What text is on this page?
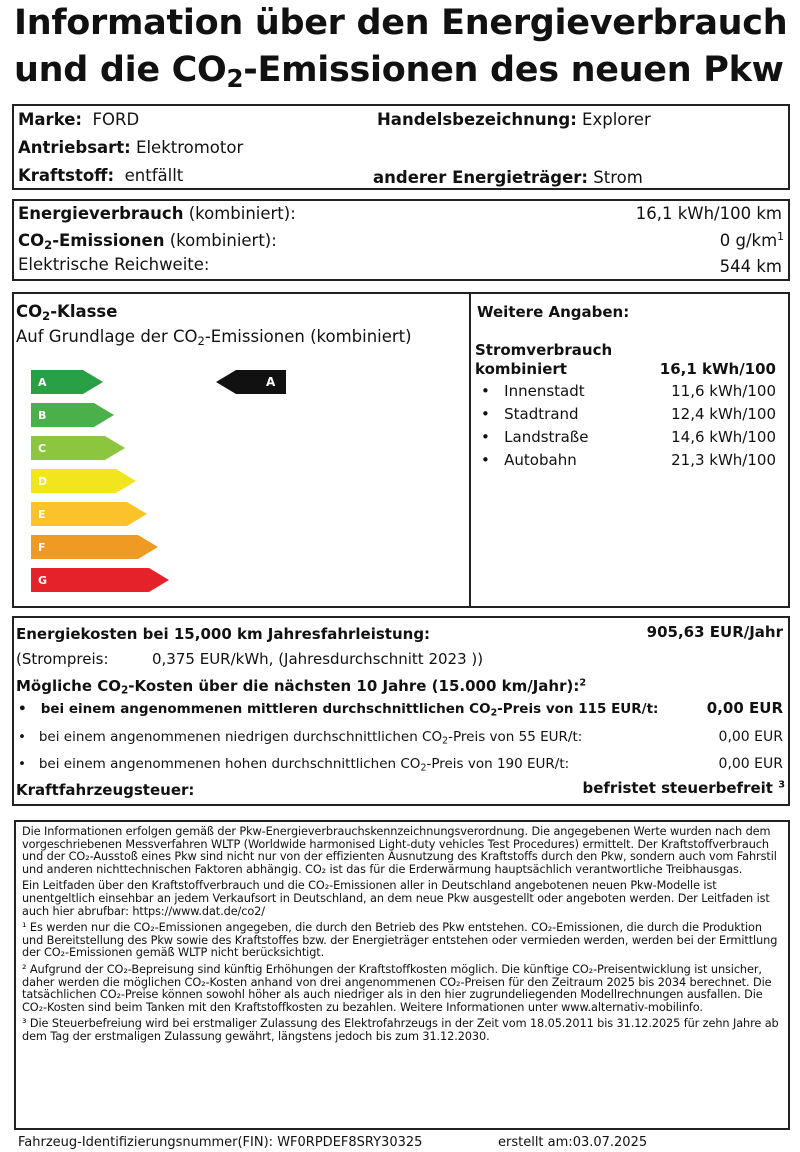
Information über den Energieverbrauch
und die $CO_2$-Emissionen des neuen Pkw
Marke: FORD	Handelsbezeichnung: Explorer
Antriebsart: Elektromotor
Kraftstoff: entfällt	anderer Energieträger: Strom
Energieverbrauch (kombiniert):	16,1 kWh/100 km
$CO_2$-Emissionen (kombiniert):	0 $g/km^1$
Elektrische Reichweite:	544 km
$CO_2$-Klasse
Auf Grundlage der $CO_2$-Emissionen (kombiniert)
A
B
C
D
E
F
G
A
Weitere Angaben:
Stromverbrauch
kombiniert	16,1 kWh/100
•   Innenstadt	11,6 kWh/100
•   Stadtrand	12,4 kWh/100
•   Landstraße	14,6 kWh/100
•   Autobahn	21,3 kWh/100
Energiekosten bei 15,000 km Jahresfahrleistung:	905,63 EUR/Jahr
(Strompreis:	0,375 EUR/kWh, (Jahresdurchschnitt 2023 ))
Mögliche $CO_2$-Kosten über die nächsten 10 Jahre (15.000 km/Jahr):$^2$
•   bei einem angenommenen mittleren durchschnittlichen $CO_2$-Preis von 115 EUR/t:	0,00 EUR
•   bei einem angenommenen niedrigen durchschnittlichen $CO_2$-Preis von 55 EUR/t:	0,00 EUR
•   bei einem angenommenen hohen durchschnittlichen $CO_2$-Preis von 190 EUR/t:	0,00 EUR
Kraftfahrzeugsteuer:	befristet steuerbefreit $^3$

Die Informationen erfolgen gemäß der Pkw-Energieverbrauchskennzeichnungsverordnung. Die angegebenen Werte wurden nach dem vorgeschriebenen Messverfahren WLTP (Worldwide harmonised Light-duty vehicles Test Procedures) ermittelt. Der Kraftstoffverbrauch und der CO₂-Ausstoß eines Pkw sind nicht nur von der effizienten Ausnutzung des Kraftstoffs durch den Pkw, sondern auch vom Fahrstil und anderen nichttechnischen Faktoren abhängig. CO₂ ist das für die Erderwärmung hauptsächlich verantwortliche Treibhausgas.

Ein Leitfaden über den Kraftstoffverbrauch und die CO₂-Emissionen aller in Deutschland angebotenen neuen Pkw-Modelle ist unentgeltlich einsehbar an jedem Verkaufsort in Deutschland, an dem neue Pkw ausgestellt oder angeboten werden. Der Leitfaden ist auch hier abrufbar: https://www.dat.de/co2/

¹ Es werden nur die CO₂-Emissionen angegeben, die durch den Betrieb des Pkw entstehen. CO₂-Emissionen, die durch die Produktion und Bereitstellung des Pkw sowie des Kraftstoffes bzw. der Energieträger entstehen oder vermieden werden, werden bei der Ermittlung der CO₂-Emissionen gemäß WLTP nicht berücksichtigt.

² Aufgrund der CO₂-Bepreisung sind künftig Erhöhungen der Kraftstoffkosten möglich. Die künftige CO₂-Preisentwicklung ist unsicher, daher werden die möglichen CO₂-Kosten anhand von drei angenommenen CO₂-Preisen für den Zeitraum 2025 bis 2034 berechnet. Die tatsächlichen CO₂-Preise können sowohl höher als auch niedriger als in den hier zugrundeliegenden Modellrechnungen ausfallen. Die CO₂-Kosten sind beim Tanken mit den Kraftstoffkosten zu bezahlen. Weitere Informationen unter www.alternativ-mobilinfo.

³ Die Steuerbefreiung wird bei erstmaliger Zulassung des Elektrofahrzeugs in der Zeit vom 18.05.2011 bis 31.12.2025 für zehn Jahre ab dem Tag der erstmaligen Zulassung gewährt, längstens jedoch bis zum 31.12.2030.

Fahrzeug-Identifizierungsnummer(FIN): WF0RPDEF8SRY30325	erstellt am:03.07.2025
